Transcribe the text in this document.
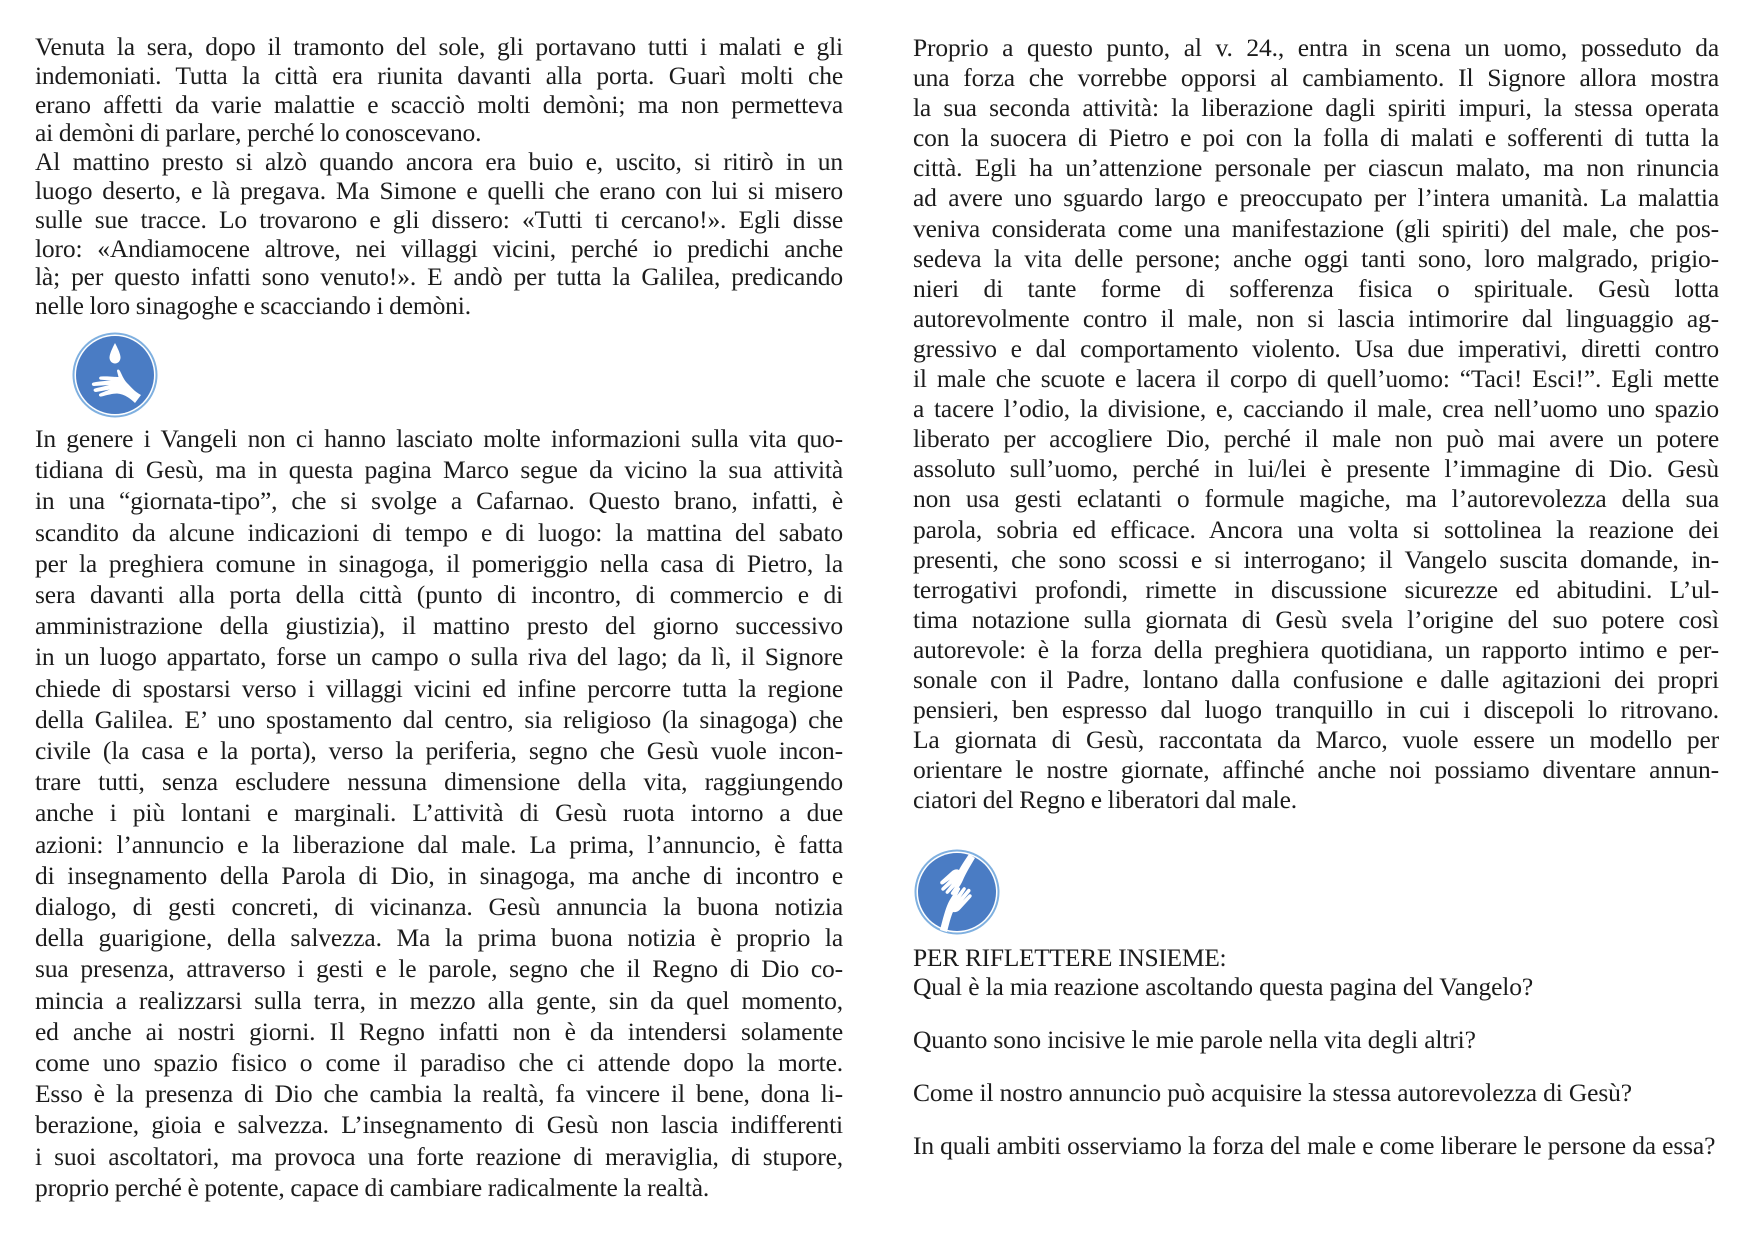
Venuta la sera, dopo il tramonto del sole, gli portavano tutti i malati e gli
indemoniati. Tutta la città era riunita davanti alla porta. Guarì molti che
erano affetti da varie malattie e scacciò molti demòni; ma non permetteva
ai demòni di parlare, perché lo conoscevano.
Al mattino presto si alzò quando ancora era buio e, uscito, si ritirò in un
luogo deserto, e là pregava. Ma Simone e quelli che erano con lui si misero
sulle sue tracce. Lo trovarono e gli dissero: «Tutti ti cercano!». Egli disse
loro: «Andiamocene altrove, nei villaggi vicini, perché io predichi anche
là; per questo infatti sono venuto!». E andò per tutta la Galilea, predicando
nelle loro sinagoghe e scacciando i demòni.
In genere i Vangeli non ci hanno lasciato molte informazioni sulla vita quo-
tidiana di Gesù, ma in questa pagina Marco segue da vicino la sua attività
in una “giornata-tipo”, che si svolge a Cafarnao. Questo brano, infatti, è
scandito da alcune indicazioni di tempo e di luogo: la mattina del sabato
per la preghiera comune in sinagoga, il pomeriggio nella casa di Pietro, la
sera davanti alla porta della città (punto di incontro, di commercio e di
amministrazione della giustizia), il mattino presto del giorno successivo
in un luogo appartato, forse un campo o sulla riva del lago; da lì, il Signore
chiede di spostarsi verso i villaggi vicini ed infine percorre tutta la regione
della Galilea. E’ uno spostamento dal centro, sia religioso (la sinagoga) che
civile (la casa e la porta), verso la periferia, segno che Gesù vuole incon-
trare tutti, senza escludere nessuna dimensione della vita, raggiungendo
anche i più lontani e marginali. L’attività di Gesù ruota intorno a due
azioni: l’annuncio e la liberazione dal male. La prima, l’annuncio, è fatta
di insegnamento della Parola di Dio, in sinagoga, ma anche di incontro e
dialogo, di gesti concreti, di vicinanza. Gesù annuncia la buona notizia
della guarigione, della salvezza. Ma la prima buona notizia è proprio la
sua presenza, attraverso i gesti e le parole, segno che il Regno di Dio co-
mincia a realizzarsi sulla terra, in mezzo alla gente, sin da quel momento,
ed anche ai nostri giorni. Il Regno infatti non è da intendersi solamente
come uno spazio fisico o come il paradiso che ci attende dopo la morte.
Esso è la presenza di Dio che cambia la realtà, fa vincere il bene, dona li-
berazione, gioia e salvezza. L’insegnamento di Gesù non lascia indifferenti
i suoi ascoltatori, ma provoca una forte reazione di meraviglia, di stupore,
proprio perché è potente, capace di cambiare radicalmente la realtà.
Proprio a questo punto, al v. 24., entra in scena un uomo, posseduto da
una forza che vorrebbe opporsi al cambiamento. Il Signore allora mostra
la sua seconda attività: la liberazione dagli spiriti impuri, la stessa operata
con la suocera di Pietro e poi con la folla di malati e sofferenti di tutta la
città. Egli ha un’attenzione personale per ciascun malato, ma non rinuncia
ad avere uno sguardo largo e preoccupato per l’intera umanità. La malattia
veniva considerata come una manifestazione (gli spiriti) del male, che pos-
sedeva la vita delle persone; anche oggi tanti sono, loro malgrado, prigio-
nieri di tante forme di sofferenza fisica o spirituale. Gesù lotta
autorevolmente contro il male, non si lascia intimorire dal linguaggio ag-
gressivo e dal comportamento violento. Usa due imperativi, diretti contro
il male che scuote e lacera il corpo di quell’uomo: “Taci! Esci!”. Egli mette
a tacere l’odio, la divisione, e, cacciando il male, crea nell’uomo uno spazio
liberato per accogliere Dio, perché il male non può mai avere un potere
assoluto sull’uomo, perché in lui/lei è presente l’immagine di Dio. Gesù
non usa gesti eclatanti o formule magiche, ma l’autorevolezza della sua
parola, sobria ed efficace. Ancora una volta si sottolinea la reazione dei
presenti, che sono scossi e si interrogano; il Vangelo suscita domande, in-
terrogativi profondi, rimette in discussione sicurezze ed abitudini. L’ul-
tima notazione sulla giornata di Gesù svela l’origine del suo potere così
autorevole: è la forza della preghiera quotidiana, un rapporto intimo e per-
sonale con il Padre, lontano dalla confusione e dalle agitazioni dei propri
pensieri, ben espresso dal luogo tranquillo in cui i discepoli lo ritrovano.
La giornata di Gesù, raccontata da Marco, vuole essere un modello per
orientare le nostre giornate, affinché anche noi possiamo diventare annun-
ciatori del Regno e liberatori dal male.
PER RIFLETTERE INSIEME:
Qual è la mia reazione ascoltando questa pagina del Vangelo?
Quanto sono incisive le mie parole nella vita degli altri?
Come il nostro annuncio può acquisire la stessa autorevolezza di Gesù?
In quali ambiti osserviamo la forza del male e come liberare le persone da essa?
